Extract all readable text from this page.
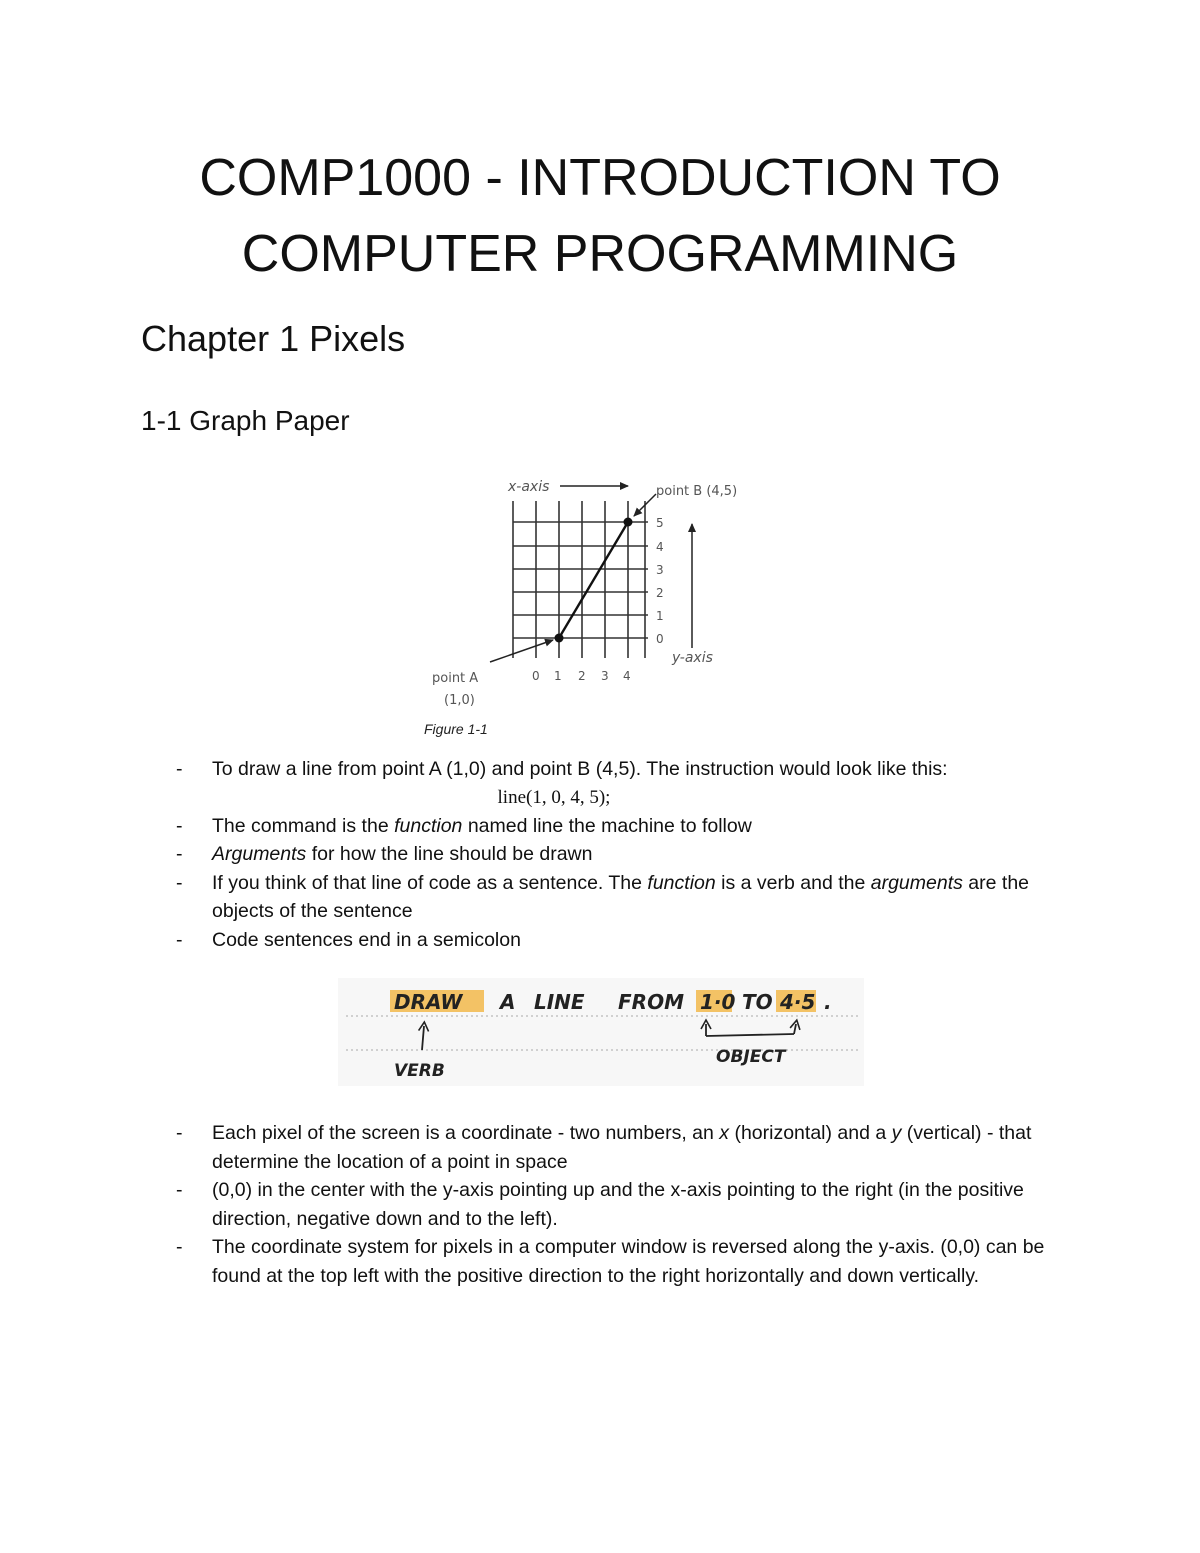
COMP1000 - INTRODUCTION TO
COMPUTER PROGRAMMING
Chapter 1 Pixels
1-1 Graph Paper
x-axis
y-axis
point B (4,5)
point A
(1,0)
0 1 2 3 4
5
4
3
2
1
0
Figure 1-1
- To draw a line from point A (1,0) and point B (4,5). The instruction would look like this:
line(1, 0, 4, 5);
- The command is the function named line the machine to follow
- Arguments for how the line should be drawn
- If you think of that line of code as a sentence. The function is a verb and the arguments are the objects of the sentence
- Code sentences end in a semicolon
DRAW A LINE FROM 1·0 TO 4·5 .
VERB
OBJECT
- Each pixel of the screen is a coordinate - two numbers, an x (horizontal) and a y (vertical) - that determine the location of a point in space
- (0,0) in the center with the y-axis pointing up and the x-axis pointing to the right (in the positive direction, negative down and to the left).
- The coordinate system for pixels in a computer window is reversed along the y-axis. (0,0) can be found at the top left with the positive direction to the right horizontally and down vertically.
